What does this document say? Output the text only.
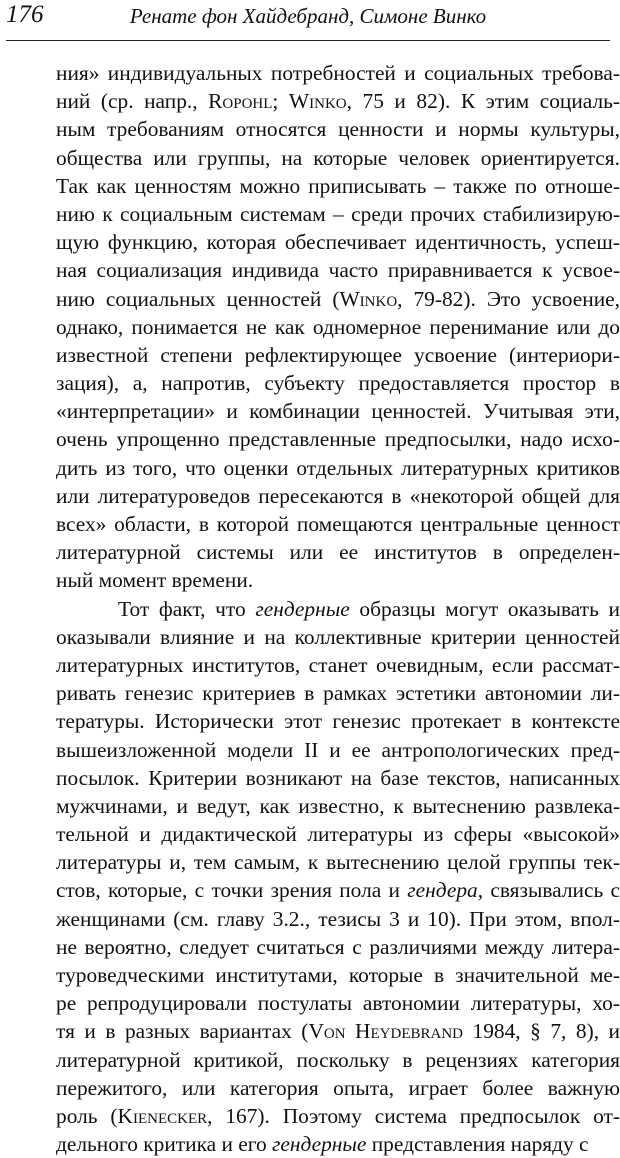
176	Ренате фон Хайдебранд, Симоне Винко
ния» индивидуальных потребностей и социальных требова-
ний (ср. напр., Ropohl; Winko, 75 и 82). К этим социаль-
ным требованиям относятся ценности и нормы культуры,
общества или группы, на которые человек ориентируется.
Так как ценностям можно приписывать – также по отноше-
нию к социальным системам – среди прочих стабилизирую-
щую функцию, которая обеспечивает идентичность, успеш-
ная социализация индивида часто приравнивается к усвое-
нию социальных ценностей (Winko, 79-82). Это усвоение,
однако, понимается не как одномерное перенимание или до
известной степени рефлектирующее усвоение (интериори-
зация), а, напротив, субъекту предоставляется простор в
«интерпретации» и комбинации ценностей. Учитывая эти,
очень упрощенно представленные предпосылки, надо исхо-
дить из того, что оценки отдельных литературных критиков
или литературоведов пересекаются в «некоторой общей для
всех» области, в которой помещаются центральные ценност
литературной системы или ее институтов в определен-
ный момент времени.
Тот факт, что гендерные образцы могут оказывать и
оказывали влияние и на коллективные критерии ценностей
литературных институтов, станет очевидным, если рассмат-
ривать генезис критериев в рамках эстетики автономии ли-
тературы. Исторически этот генезис протекает в контексте
вышеизложенной модели II и ее антропологических пред-
посылок. Критерии возникают на базе текстов, написанных
мужчинами, и ведут, как известно, к вытеснению развлека-
тельной и дидактической литературы из сферы «высокой»
литературы и, тем самым, к вытеснению целой группы тек-
стов, которые, с точки зрения пола и гендера, связывались с
женщинами (см. главу 3.2., тезисы 3 и 10). При этом, впол-
не вероятно, следует считаться с различиями между литера-
туроведческими институтами, которые в значительной ме-
ре репродуцировали постулаты автономии литературы, хо-
тя и в разных вариантах (Von Heydebrand 1984, § 7, 8), и
литературной критикой, поскольку в рецензиях категория
пережитого, или категория опыта, играет более важную
роль (Kienecker, 167). Поэтому система предпосылок от-
дельного критика и его гендерные представления наряду с
